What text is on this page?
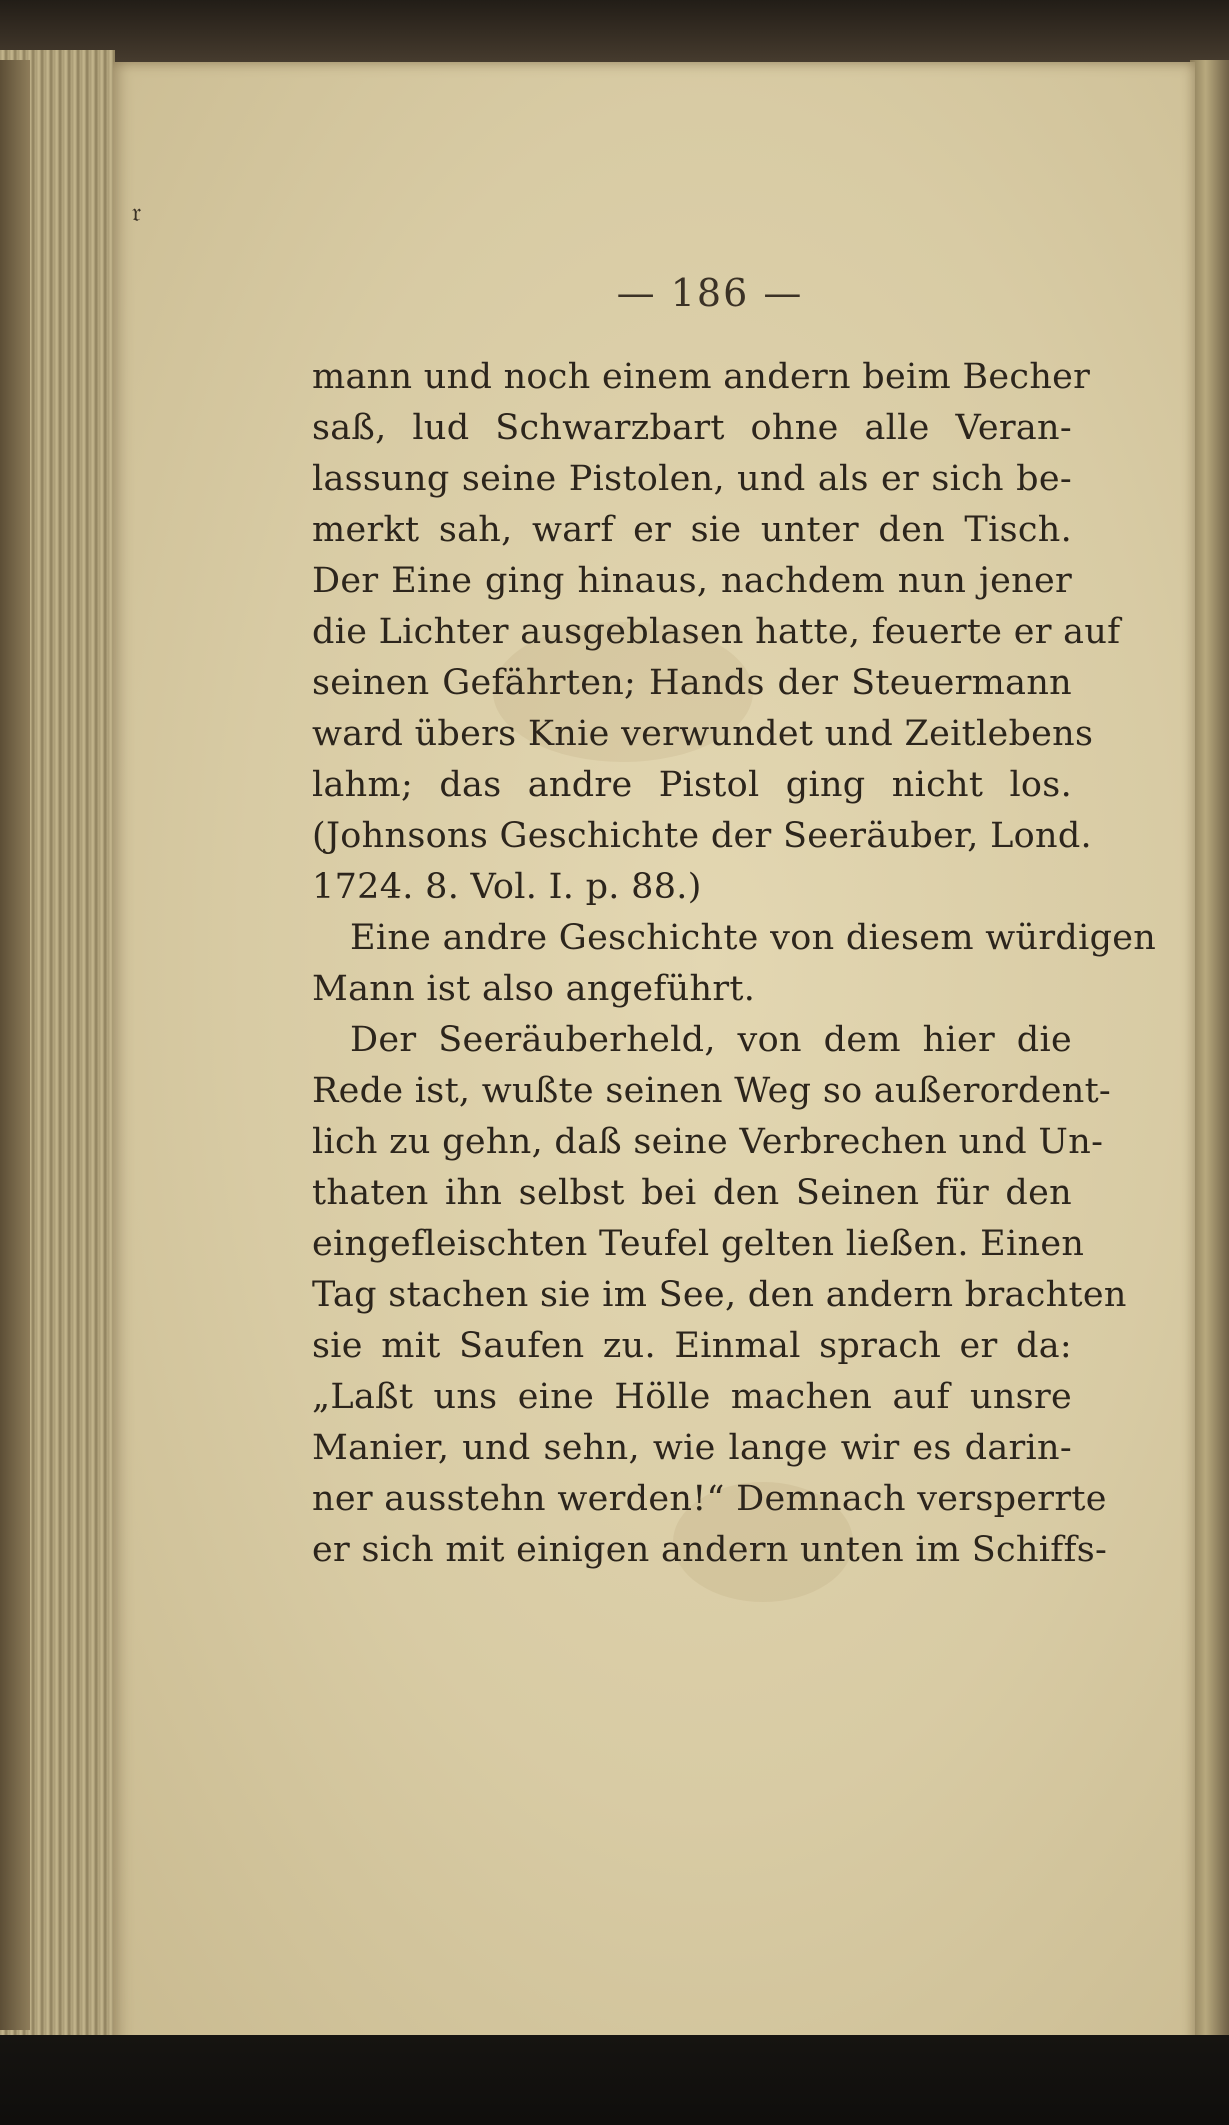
𝔯
— 186 —
mann und noch einem andern beim Becher
saß, lud Schwarzbart ohne alle Veran-
lassung seine Pistolen, und als er sich be-
merkt sah, warf er sie unter den Tisch.
Der Eine ging hinaus, nachdem nun jener
die Lichter ausgeblasen hatte, feuerte er auf
seinen Gefährten; Hands der Steuermann
ward übers Knie verwundet und Zeitlebens
lahm; das andre Pistol ging nicht los.
(Johnsons Geschichte der Seeräuber, Lond.
1724. 8. Vol. I. p. 88.)
Eine andre Geschichte von diesem würdigen
Mann ist also angeführt.
Der Seeräuberheld, von dem hier die
Rede ist, wußte seinen Weg so außerordent-
lich zu gehn, daß seine Verbrechen und Un-
thaten ihn selbst bei den Seinen für den
eingefleischten Teufel gelten ließen. Einen
Tag stachen sie im See, den andern brachten
sie mit Saufen zu. Einmal sprach er da:
„Laßt uns eine Hölle machen auf unsre
Manier, und sehn, wie lange wir es darin-
ner ausstehn werden!“ Demnach versperrte
er sich mit einigen andern unten im Schiffs-
